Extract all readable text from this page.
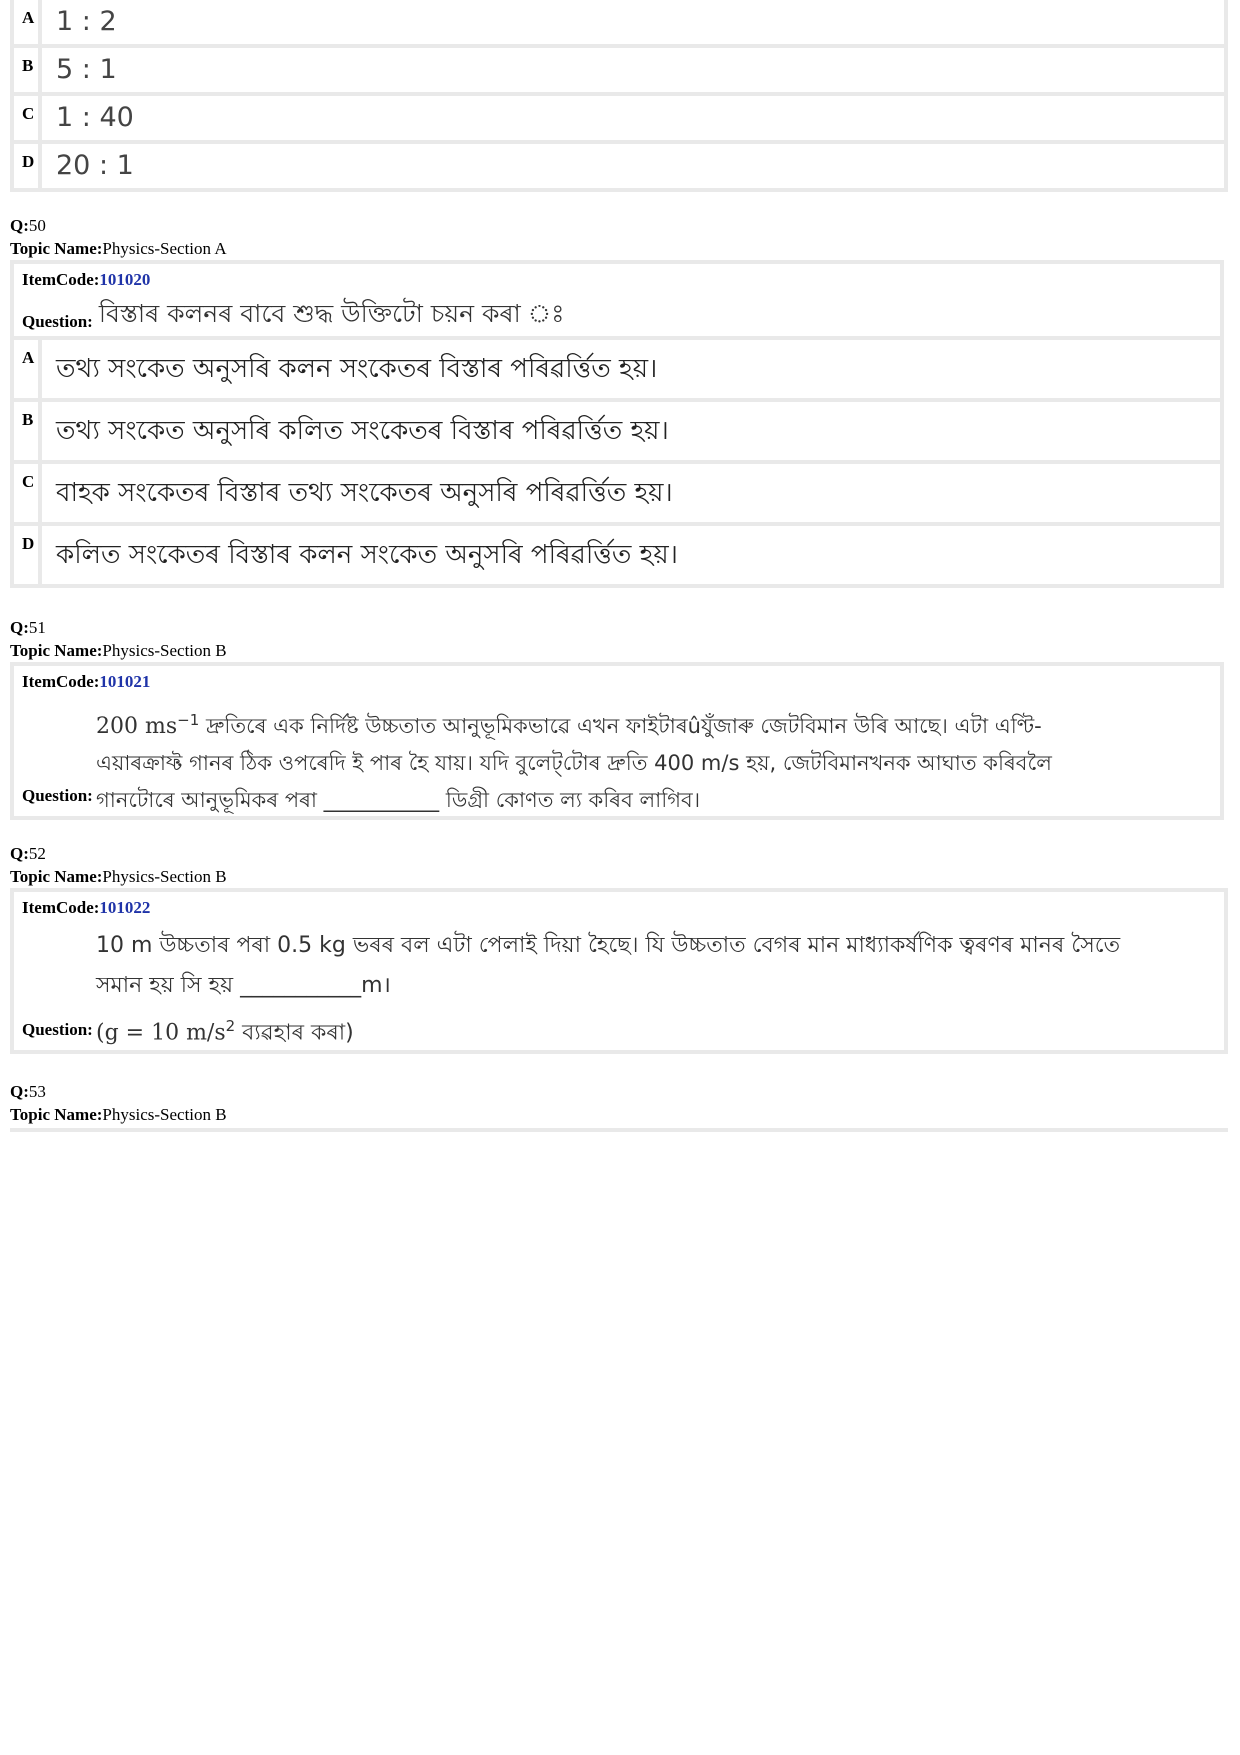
A 1 : 2
B 5 : 1
C 1 : 40
D 20 : 1
Q:50
Topic Name:Physics-Section A
ItemCode:101020
Question: বিস্তাৰ কলনৰ বাবে শুদ্ধ উক্তিটো চয়ন কৰা ঃ
A তথ্য সংকেত অনুসৰি কলন সংকেতৰ বিস্তাৰ পৰিৱৰ্ত্তিত হয়।
B তথ্য সংকেত অনুসৰি কলিত সংকেতৰ বিস্তাৰ পৰিৱৰ্ত্তিত হয়।
C বাহক সংকেতৰ বিস্তাৰ তথ্য সংকেতৰ অনুসৰি পৰিৱৰ্ত্তিত হয়।
D কলিত সংকেতৰ বিস্তাৰ কলন সংকেত অনুসৰি পৰিৱৰ্ত্তিত হয়।
Q:51
Topic Name:Physics-Section B
ItemCode:101021
200 $ms^{-1}$ দ্ৰুতিৰে এক নিৰ্দিষ্ট উচ্চতাত আনুভূমিকভাৱে এখন ফাইটাৰûযুঁজাৰু জেটবিমান উৰি আছে। এটা এণ্টি-
এয়াৰক্ৰাফ্ট গানৰ ঠিক ওপৰেদি ই পাৰ হৈ যায়। যদি বুলেট্‌টোৰ দ্ৰুতি 400 m/s হয়, জেটবিমানখনক আঘাত কৰিবলৈ
গানটোৰে আনুভূমিকৰ পৰা ___________ ডিগ্ৰী কোণত ল্য কৰিব লাগিব।
Question:
Q:52
Topic Name:Physics-Section B
ItemCode:101022
10 m উচ্চতাৰ পৰা 0.5 kg ভৰৰ বল এটা পেলাই দিয়া হৈছে। যি উচ্চতাত বেগৰ মান মাধ্যাকৰ্ষণিক ত্বৰণৰ মানৰ সৈতে
সমান হয় সি হয় ___________m।
(g = 10 $m/s^2$ ব্যৱহাৰ কৰা)
Question:
Q:53
Topic Name:Physics-Section B
